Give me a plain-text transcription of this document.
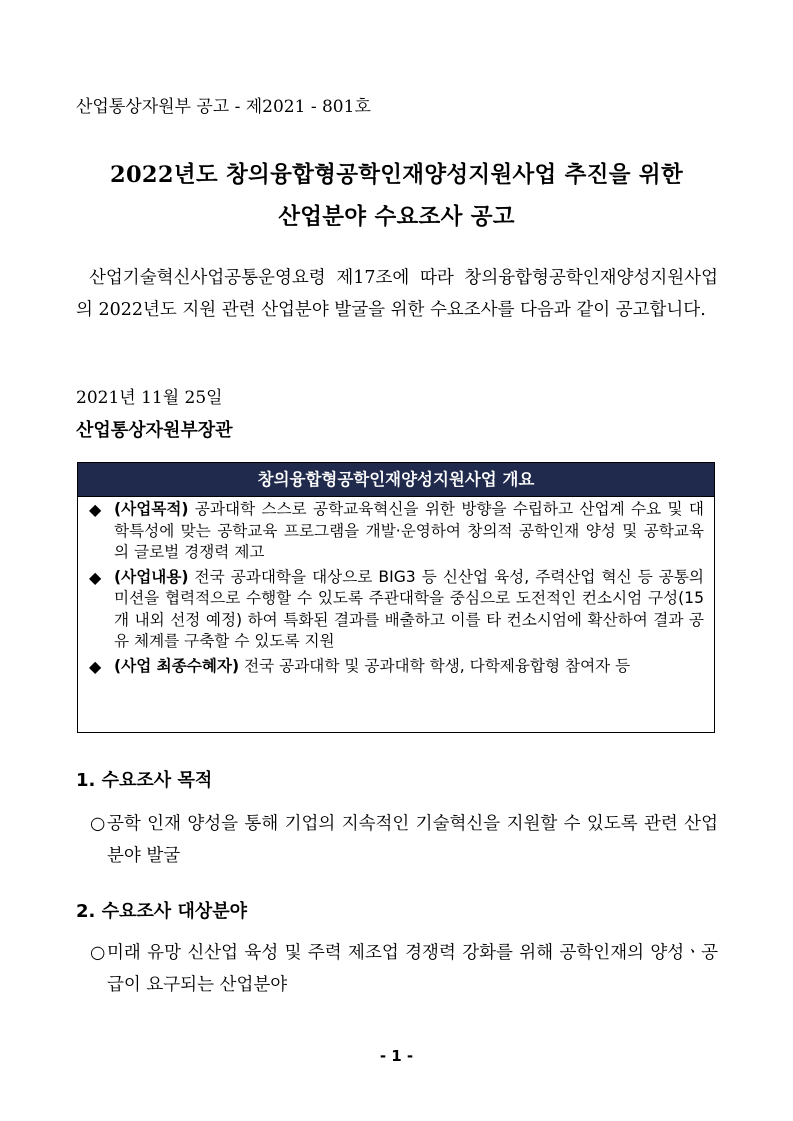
산업통상자원부 공고 - 제2021 - 801호
2022년도 창의융합형공학인재양성지원사업 추진을 위한
산업분야 수요조사 공고
산업기술혁신사업공통운영요령 제17조에 따라 창의융합형공학인재양성지원사업의 2022년도 지원 관련 산업분야 발굴을 위한 수요조사를 다음과 같이 공고합니다.
2021년 11월 25일
산업통상자원부장관
창의융합형공학인재양성지원사업 개요
◆ (사업목적) 공과대학 스스로 공학교육혁신을 위한 방향을 수립하고 산업계 수요 및 대학특성에 맞는 공학교육 프로그램을 개발·운영하여 창의적 공학인재 양성 및 공학교육의 글로벌 경쟁력 제고
◆ (사업내용) 전국 공과대학을 대상으로 BIG3 등 신산업 육성, 주력산업 혁신 등 공통의 미션을 협력적으로 수행할 수 있도록 주관대학을 중심으로 도전적인 컨소시엄 구성(15개 내외 선정 예정) 하여 특화된 결과를 배출하고 이를 타 컨소시엄에 확산하여 결과 공유 체계를 구축할 수 있도록 지원
◆ (사업 최종수혜자) 전국 공과대학 및 공과대학 학생, 다학제융합형 참여자 등
1. 수요조사 목적
○ 공학 인재 양성을 통해 기업의 지속적인 기술혁신을 지원할 수 있도록 관련 산업 분야 발굴
2. 수요조사 대상분야
○ 미래 유망 신산업 육성 및 주력 제조업 경쟁력 강화를 위해 공학인재의 양성ㆍ공급이 요구되는 산업분야
- 1 -
